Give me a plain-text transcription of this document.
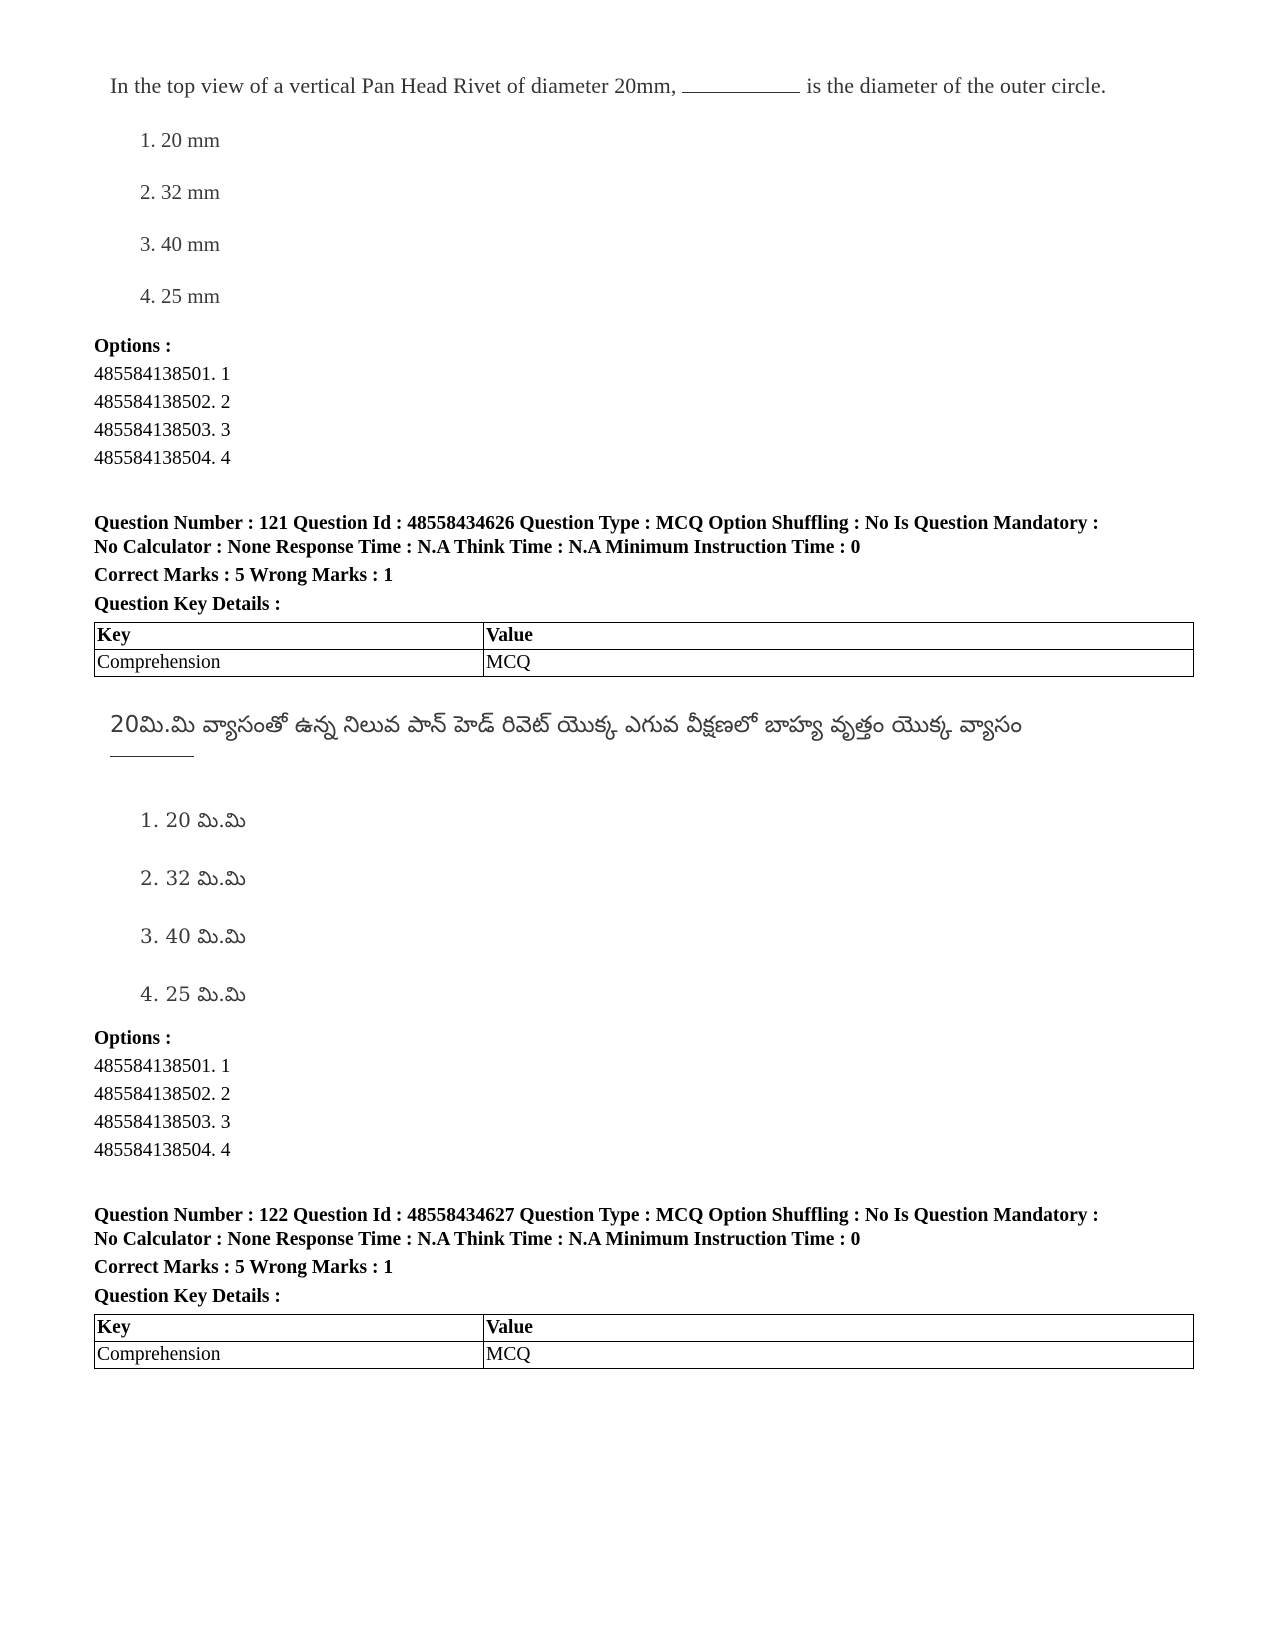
In the top view of a vertical Pan Head Rivet of diameter 20mm,	is the diameter of the outer circle.
1. 20 mm
2. 32 mm
3. 40 mm
4. 25 mm
Options :
485584138501. 1
485584138502. 2
485584138503. 3
485584138504. 4
Question Number : 121 Question Id : 48558434626 Question Type : MCQ Option Shuffling : No Is Question Mandatory :
No Calculator : None Response Time : N.A Think Time : N.A Minimum Instruction Time : 0
Correct Marks : 5 Wrong Marks : 1
Question Key Details :
Key	Value
Comprehension	MCQ
20మి.మి వ్యాసంతో ఉన్న నిలువ పాన్ హెడ్ రివెట్ యొక్క ఎగువ వీక్షణలో బాహ్య వృత్తం యొక్క వ్యాసం
1. 20 మి.మి
2. 32 మి.మి
3. 40 మి.మి
4. 25 మి.మి
Options :
485584138501. 1
485584138502. 2
485584138503. 3
485584138504. 4
Question Number : 122 Question Id : 48558434627 Question Type : MCQ Option Shuffling : No Is Question Mandatory :
No Calculator : None Response Time : N.A Think Time : N.A Minimum Instruction Time : 0
Correct Marks : 5 Wrong Marks : 1
Question Key Details :
Key	Value
Comprehension	MCQ
